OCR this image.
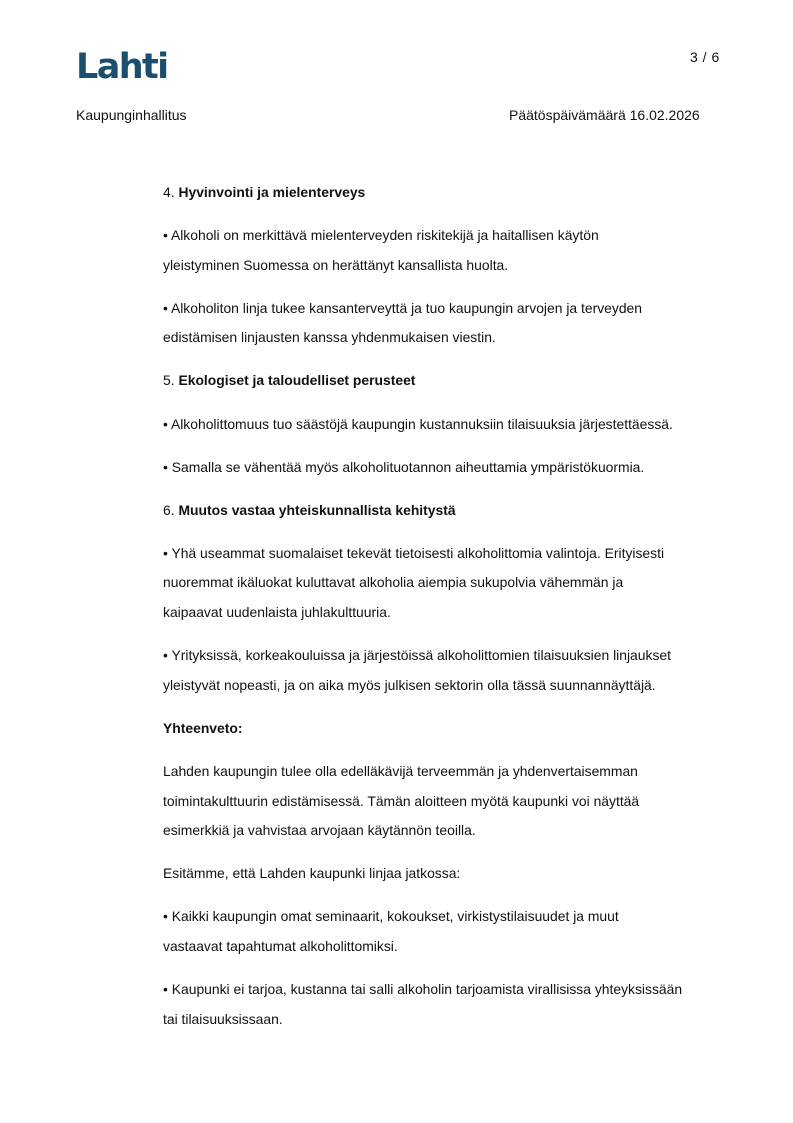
Lahti	3 / 6
Kaupunginhallitus	Päätöspäivämäärä 16.02.2026

4. Hyvinvointi ja mielenterveys

• Alkoholi on merkittävä mielenterveyden riskitekijä ja haitallisen käytön
yleistyminen Suomessa on herättänyt kansallista huolta.

• Alkoholiton linja tukee kansanterveyttä ja tuo kaupungin arvojen ja terveyden
edistämisen linjausten kanssa yhdenmukaisen viestin.

5. Ekologiset ja taloudelliset perusteet

• Alkoholittomuus tuo säästöjä kaupungin kustannuksiin tilaisuuksia järjestettäessä.

• Samalla se vähentää myös alkoholituotannon aiheuttamia ympäristökuormia.

6. Muutos vastaa yhteiskunnallista kehitystä

• Yhä useammat suomalaiset tekevät tietoisesti alkoholittomia valintoja. Erityisesti
nuoremmat ikäluokat kuluttavat alkoholia aiempia sukupolvia vähemmän ja
kaipaavat uudenlaista juhlakulttuuria.

• Yrityksissä, korkeakouluissa ja järjestöissä alkoholittomien tilaisuuksien linjaukset
yleistyvät nopeasti, ja on aika myös julkisen sektorin olla tässä suunnannäyttäjä.

Yhteenveto:

Lahden kaupungin tulee olla edelläkävijä terveemmän ja yhdenvertaisemman
toimintakulttuurin edistämisessä. Tämän aloitteen myötä kaupunki voi näyttää
esimerkkiä ja vahvistaa arvojaan käytännön teoilla.

Esitämme, että Lahden kaupunki linjaa jatkossa:

• Kaikki kaupungin omat seminaarit, kokoukset, virkistystilaisuudet ja muut
vastaavat tapahtumat alkoholittomiksi.

• Kaupunki ei tarjoa, kustanna tai salli alkoholin tarjoamista virallisissa yhteyksissään
tai tilaisuuksissaan.
